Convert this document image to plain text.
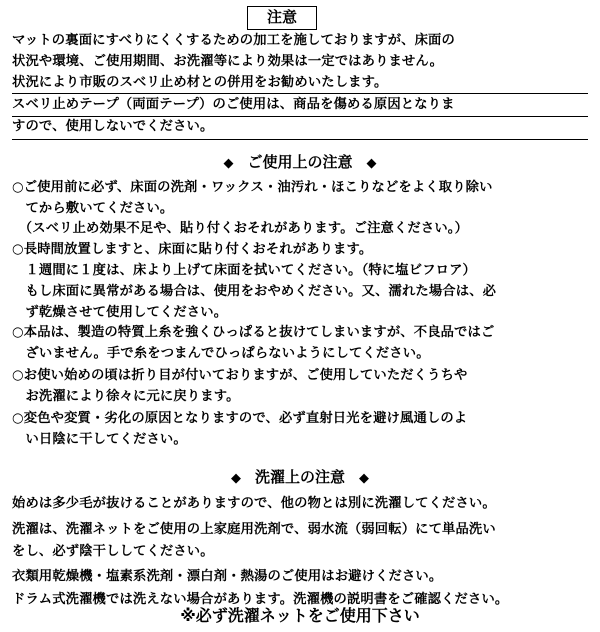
注意
マットの裏面にすべりにくくするための加工を施しておりますが、床面の
状況や環境、ご使用期間、お洗濯等により効果は一定ではありません。
状況により市販のスベリ止め材との併用をお勧めいたします。
スベリ止めテープ（両面テープ）のご使用は、商品を傷める原因となりま
すので、使用しないでください。
◆ ご使用上の注意 ◆
○ご使用前に必ず、床面の洗剤・ワックス・油汚れ・ほこりなどをよく取り除い
　てから敷いてください。
　（スベリ止め効果不足や、貼り付くおそれがあります。ご注意ください。）
○長時間放置しますと、床面に貼り付くおそれがあります。
　１週間に１度は、床より上げて床面を拭いてください。（特に塩ビフロア）
　もし床面に異常がある場合は、使用をおやめください。又、濡れた場合は、必
　ず乾燥させて使用してください。
○本品は、製造の特質上糸を強くひっぱると抜けてしまいますが、不良品ではご
　ざいません。手で糸をつまんでひっぱらないようにしてください。
○お使い始めの頃は折り目が付いておりますが、ご使用していただくうちや
　お洗濯により徐々に元に戻ります。
○変色や変質・劣化の原因となりますので、必ず直射日光を避け風通しのよ
　い日陰に干してください。
◆ 洗濯上の注意 ◆
始めは多少毛が抜けることがありますので、他の物とは別に洗濯してください。
洗濯は、洗濯ネットをご使用の上家庭用洗剤で、弱水流（弱回転）にて単品洗い
をし、必ず陰干ししてください。
衣類用乾燥機・塩素系洗剤・漂白剤・熱湯のご使用はお避けください。
ドラム式洗濯機では洗えない場合があります。洗濯機の説明書をご確認ください。
※必ず洗濯ネットをご使用下さい
